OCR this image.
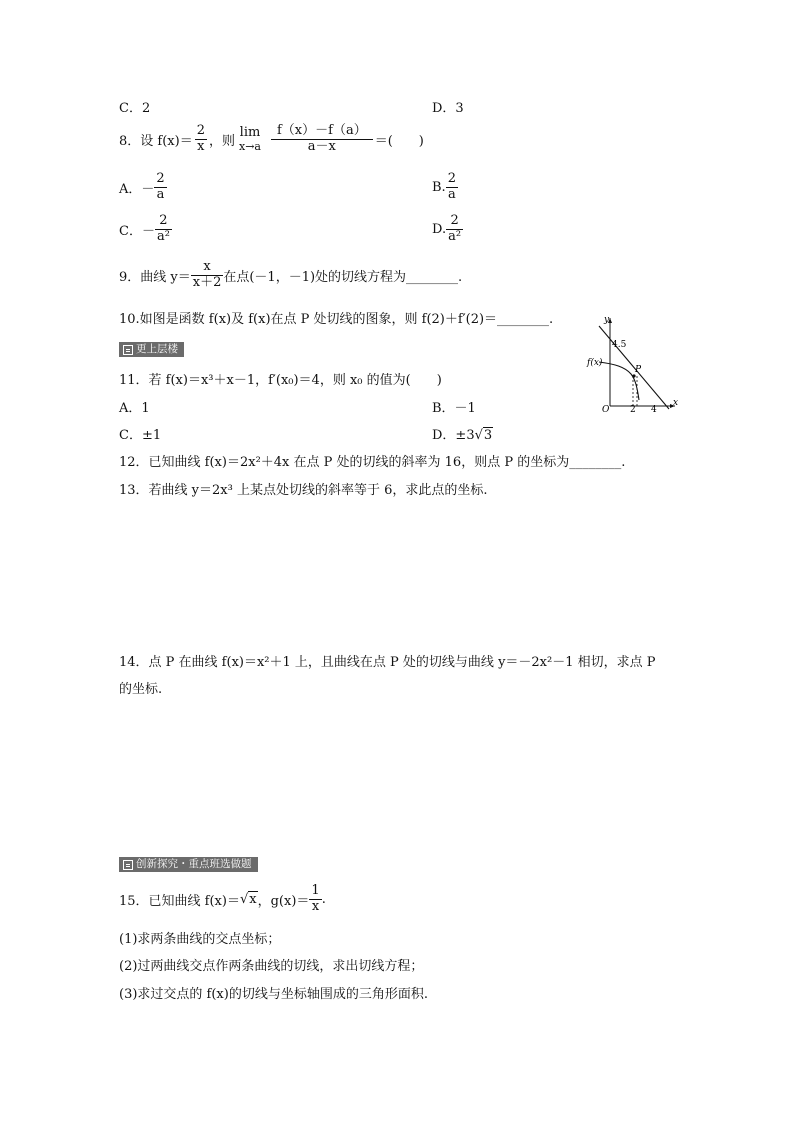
C．2	D．3
8．设 $f(x)= \frac{2}{x}$ ，则
lim
$x\to a \frac{f(x)-f(a)}{a-x}$ ＝(　　)
A．－ $\frac{2}{a}$	B. $\frac{2}{a}$
C．－ $\frac{2}{\text{a²}}$	D. $\frac{2}{\text{a²}}$
9．曲线 $y= \frac{x}{x+2}$ 在点(－1，－1)处的切线方程为________.
10.如图是函数 f(x)及 f(x)在点 P 处切线的图象，则 f(2)＋f′(2)＝________.
更上层楼
11．若 f(x)＝x³＋x－1，f′(x₀)＝4，则 x₀ 的值为(　　)
A．1	B．－1
C．±1	D．±3√3
y
x
O
4.5
2 4
f(x)
P
12．已知曲线 f(x)＝2x²＋4x 在点 P 处的切线的斜率为 16，则点 P 的坐标为________.
13．若曲线 y＝2x³ 上某点处切线的斜率等于 6，求此点的坐标.
14．点 P 在曲线 f(x)＝x²＋1 上，且曲线在点 P 处的切线与曲线 y＝－2x²－1 相切，求点 P
的坐标.
创新探究・重点班选做题
15．已知曲线 f(x)＝ √x ，$g(x)= \frac{1}{x}$ .
(1)求两条曲线的交点坐标；
(2)过两曲线交点作两条曲线的切线，求出切线方程；
(3)求过交点的 f(x)的切线与坐标轴围成的三角形面积.
